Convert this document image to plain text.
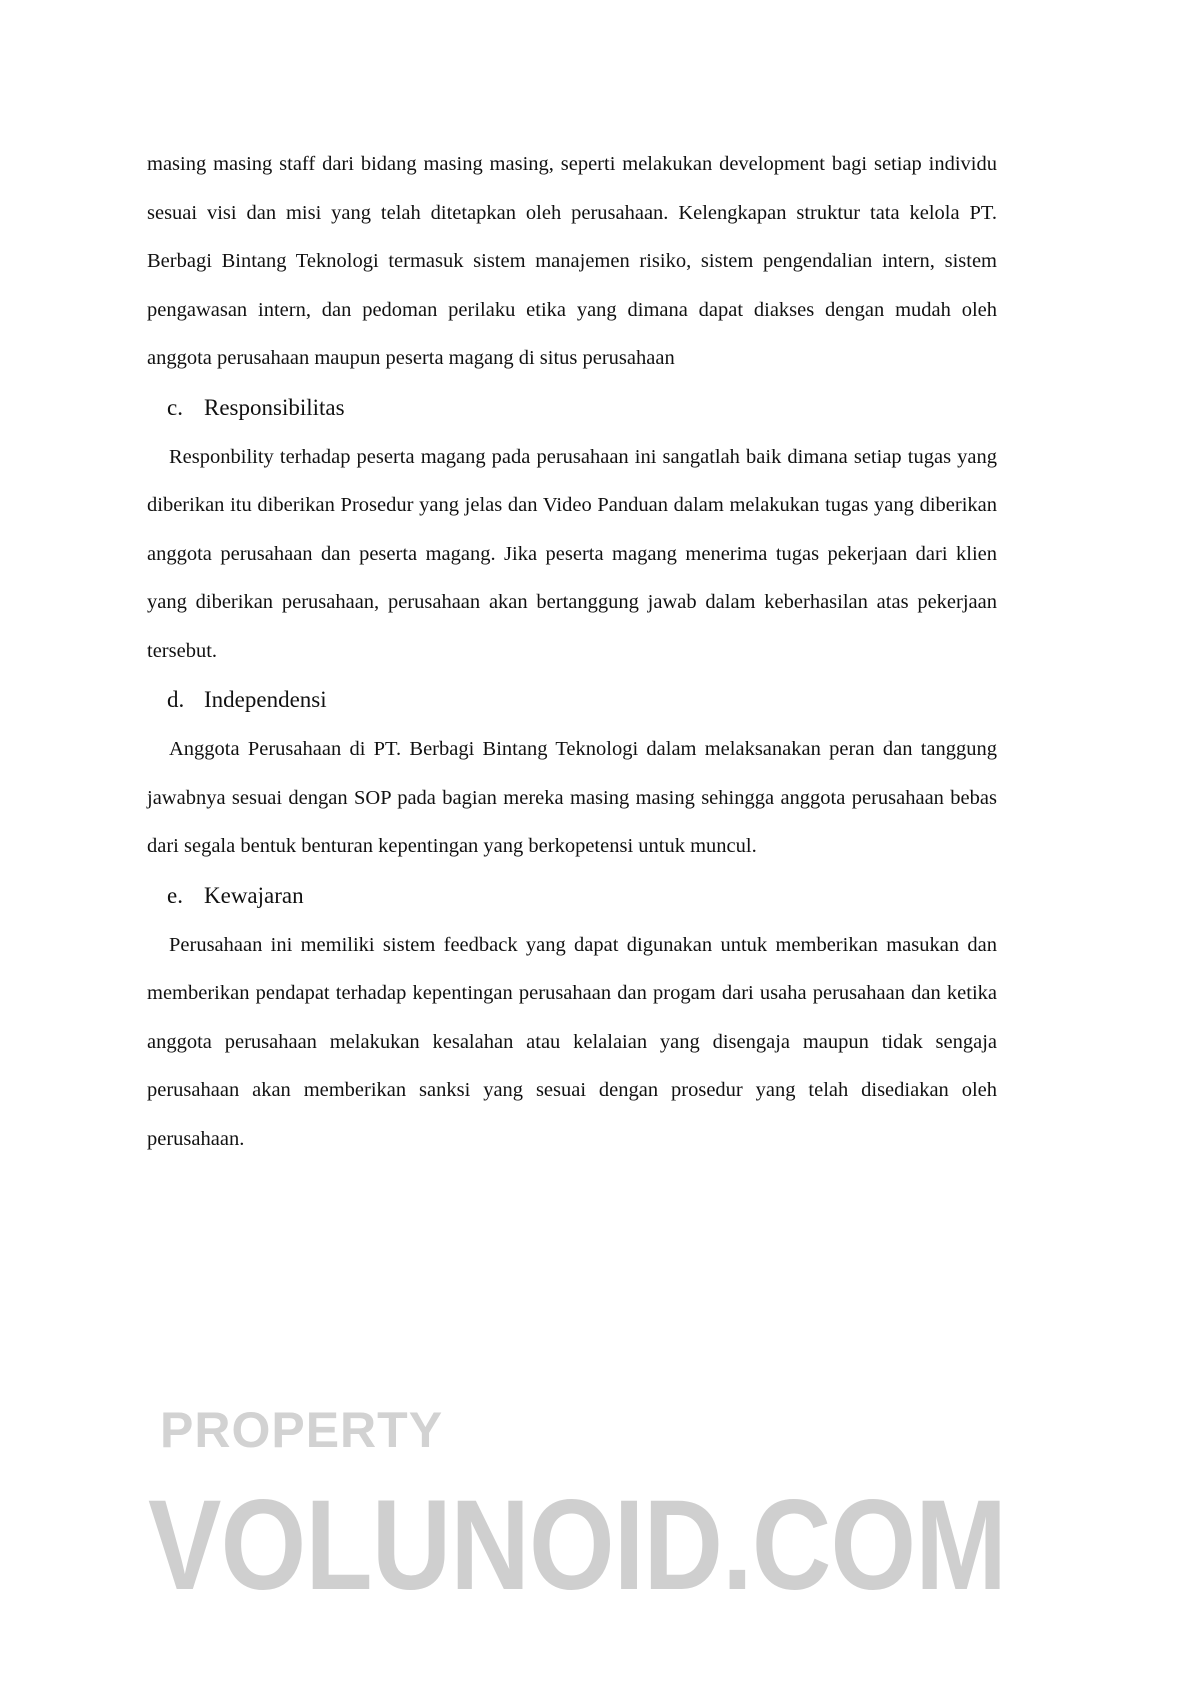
masing masing staff dari bidang masing masing, seperti melakukan development bagi setiap individu sesuai visi dan misi yang telah ditetapkan oleh perusahaan. Kelengkapan struktur tata kelola PT. Berbagi Bintang Teknologi termasuk sistem manajemen risiko, sistem pengendalian intern, sistem pengawasan intern, dan pedoman perilaku etika yang dimana dapat diakses dengan mudah oleh anggota perusahaan maupun peserta magang di situs perusahaan

c. Responsibilitas

Responbility terhadap peserta magang pada perusahaan ini sangatlah baik dimana setiap tugas yang diberikan itu diberikan Prosedur yang jelas dan Video Panduan dalam melakukan tugas yang diberikan anggota perusahaan dan peserta magang. Jika peserta magang menerima tugas pekerjaan dari klien yang diberikan perusahaan, perusahaan akan bertanggung jawab dalam keberhasilan atas pekerjaan tersebut.

d. Independensi

Anggota Perusahaan di PT. Berbagi Bintang Teknologi dalam melaksanakan peran dan tanggung jawabnya sesuai dengan SOP pada bagian mereka masing masing sehingga anggota perusahaan bebas dari segala bentuk benturan kepentingan yang berkopetensi untuk muncul.

e. Kewajaran

Perusahaan ini memiliki sistem feedback yang dapat digunakan untuk memberikan masukan dan memberikan pendapat terhadap kepentingan perusahaan dan progam dari usaha perusahaan dan ketika anggota perusahaan melakukan kesalahan atau kelalaian yang disengaja maupun tidak sengaja perusahaan akan memberikan sanksi yang sesuai dengan prosedur yang telah disediakan oleh perusahaan.

PROPERTY
VOLUNOID.COM
